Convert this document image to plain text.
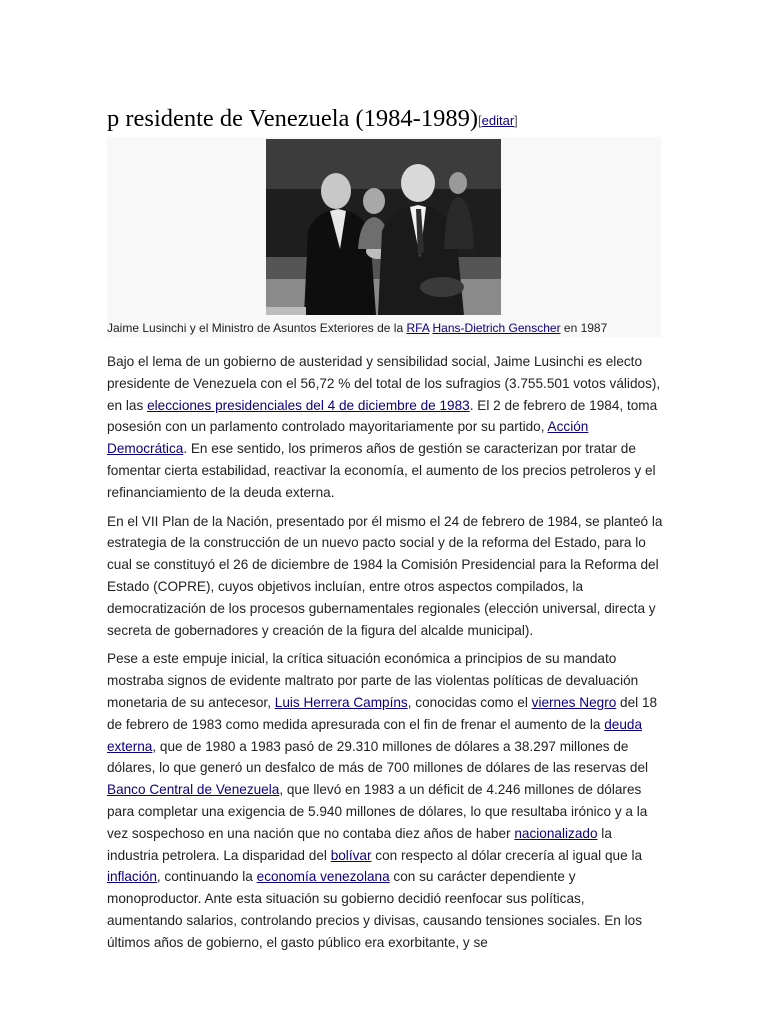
p residente de Venezuela (1984-1989)[editar]
Jaime Lusinchi y el Ministro de Asuntos Exteriores de la RFA Hans-Dietrich Genscher en 1987

Bajo el lema de un gobierno de austeridad y sensibilidad social, Jaime Lusinchi es electo presidente de Venezuela con el 56,72 % del total de los sufragios (3.755.501 votos válidos), en las elecciones presidenciales del 4 de diciembre de 1983. El 2 de febrero de 1984, toma posesión con un parlamento controlado mayoritariamente por su partido, Acción Democrática. En ese sentido, los primeros años de gestión se caracterizan por tratar de fomentar cierta estabilidad, reactivar la economía, el aumento de los precios petroleros y el refinanciamiento de la deuda externa.

En el VII Plan de la Nación, presentado por él mismo el 24 de febrero de 1984, se planteó la estrategia de la construcción de un nuevo pacto social y de la reforma del Estado, para lo cual se constituyó el 26 de diciembre de 1984 la Comisión Presidencial para la Reforma del Estado (COPRE), cuyos objetivos incluían, entre otros aspectos compilados, la democratización de los procesos gubernamentales regionales (elección universal, directa y secreta de gobernadores y creación de la figura del alcalde municipal).

Pese a este empuje inicial, la crítica situación económica a principios de su mandato mostraba signos de evidente maltrato por parte de las violentas políticas de devaluación monetaria de su antecesor, Luis Herrera Campíns, conocidas como el viernes Negro del 18 de febrero de 1983 como medida apresurada con el fin de frenar el aumento de la deuda externa, que de 1980 a 1983 pasó de 29.310 millones de dólares a 38.297 millones de dólares, lo que generó un desfalco de más de 700 millones de dólares de las reservas del Banco Central de Venezuela, que llevó en 1983 a un déficit de 4.246 millones de dólares para completar una exigencia de 5.940 millones de dólares, lo que resultaba irónico y a la vez sospechoso en una nación que no contaba diez años de haber nacionalizado la industria petrolera. La disparidad del bolívar con respecto al dólar crecería al igual que la inflación, continuando la economía venezolana con su carácter dependiente y monoproductor. Ante esta situación su gobierno decidió reenfocar sus políticas, aumentando salarios, controlando precios y divisas, causando tensiones sociales. En los últimos años de gobierno, el gasto público era exorbitante, y se
